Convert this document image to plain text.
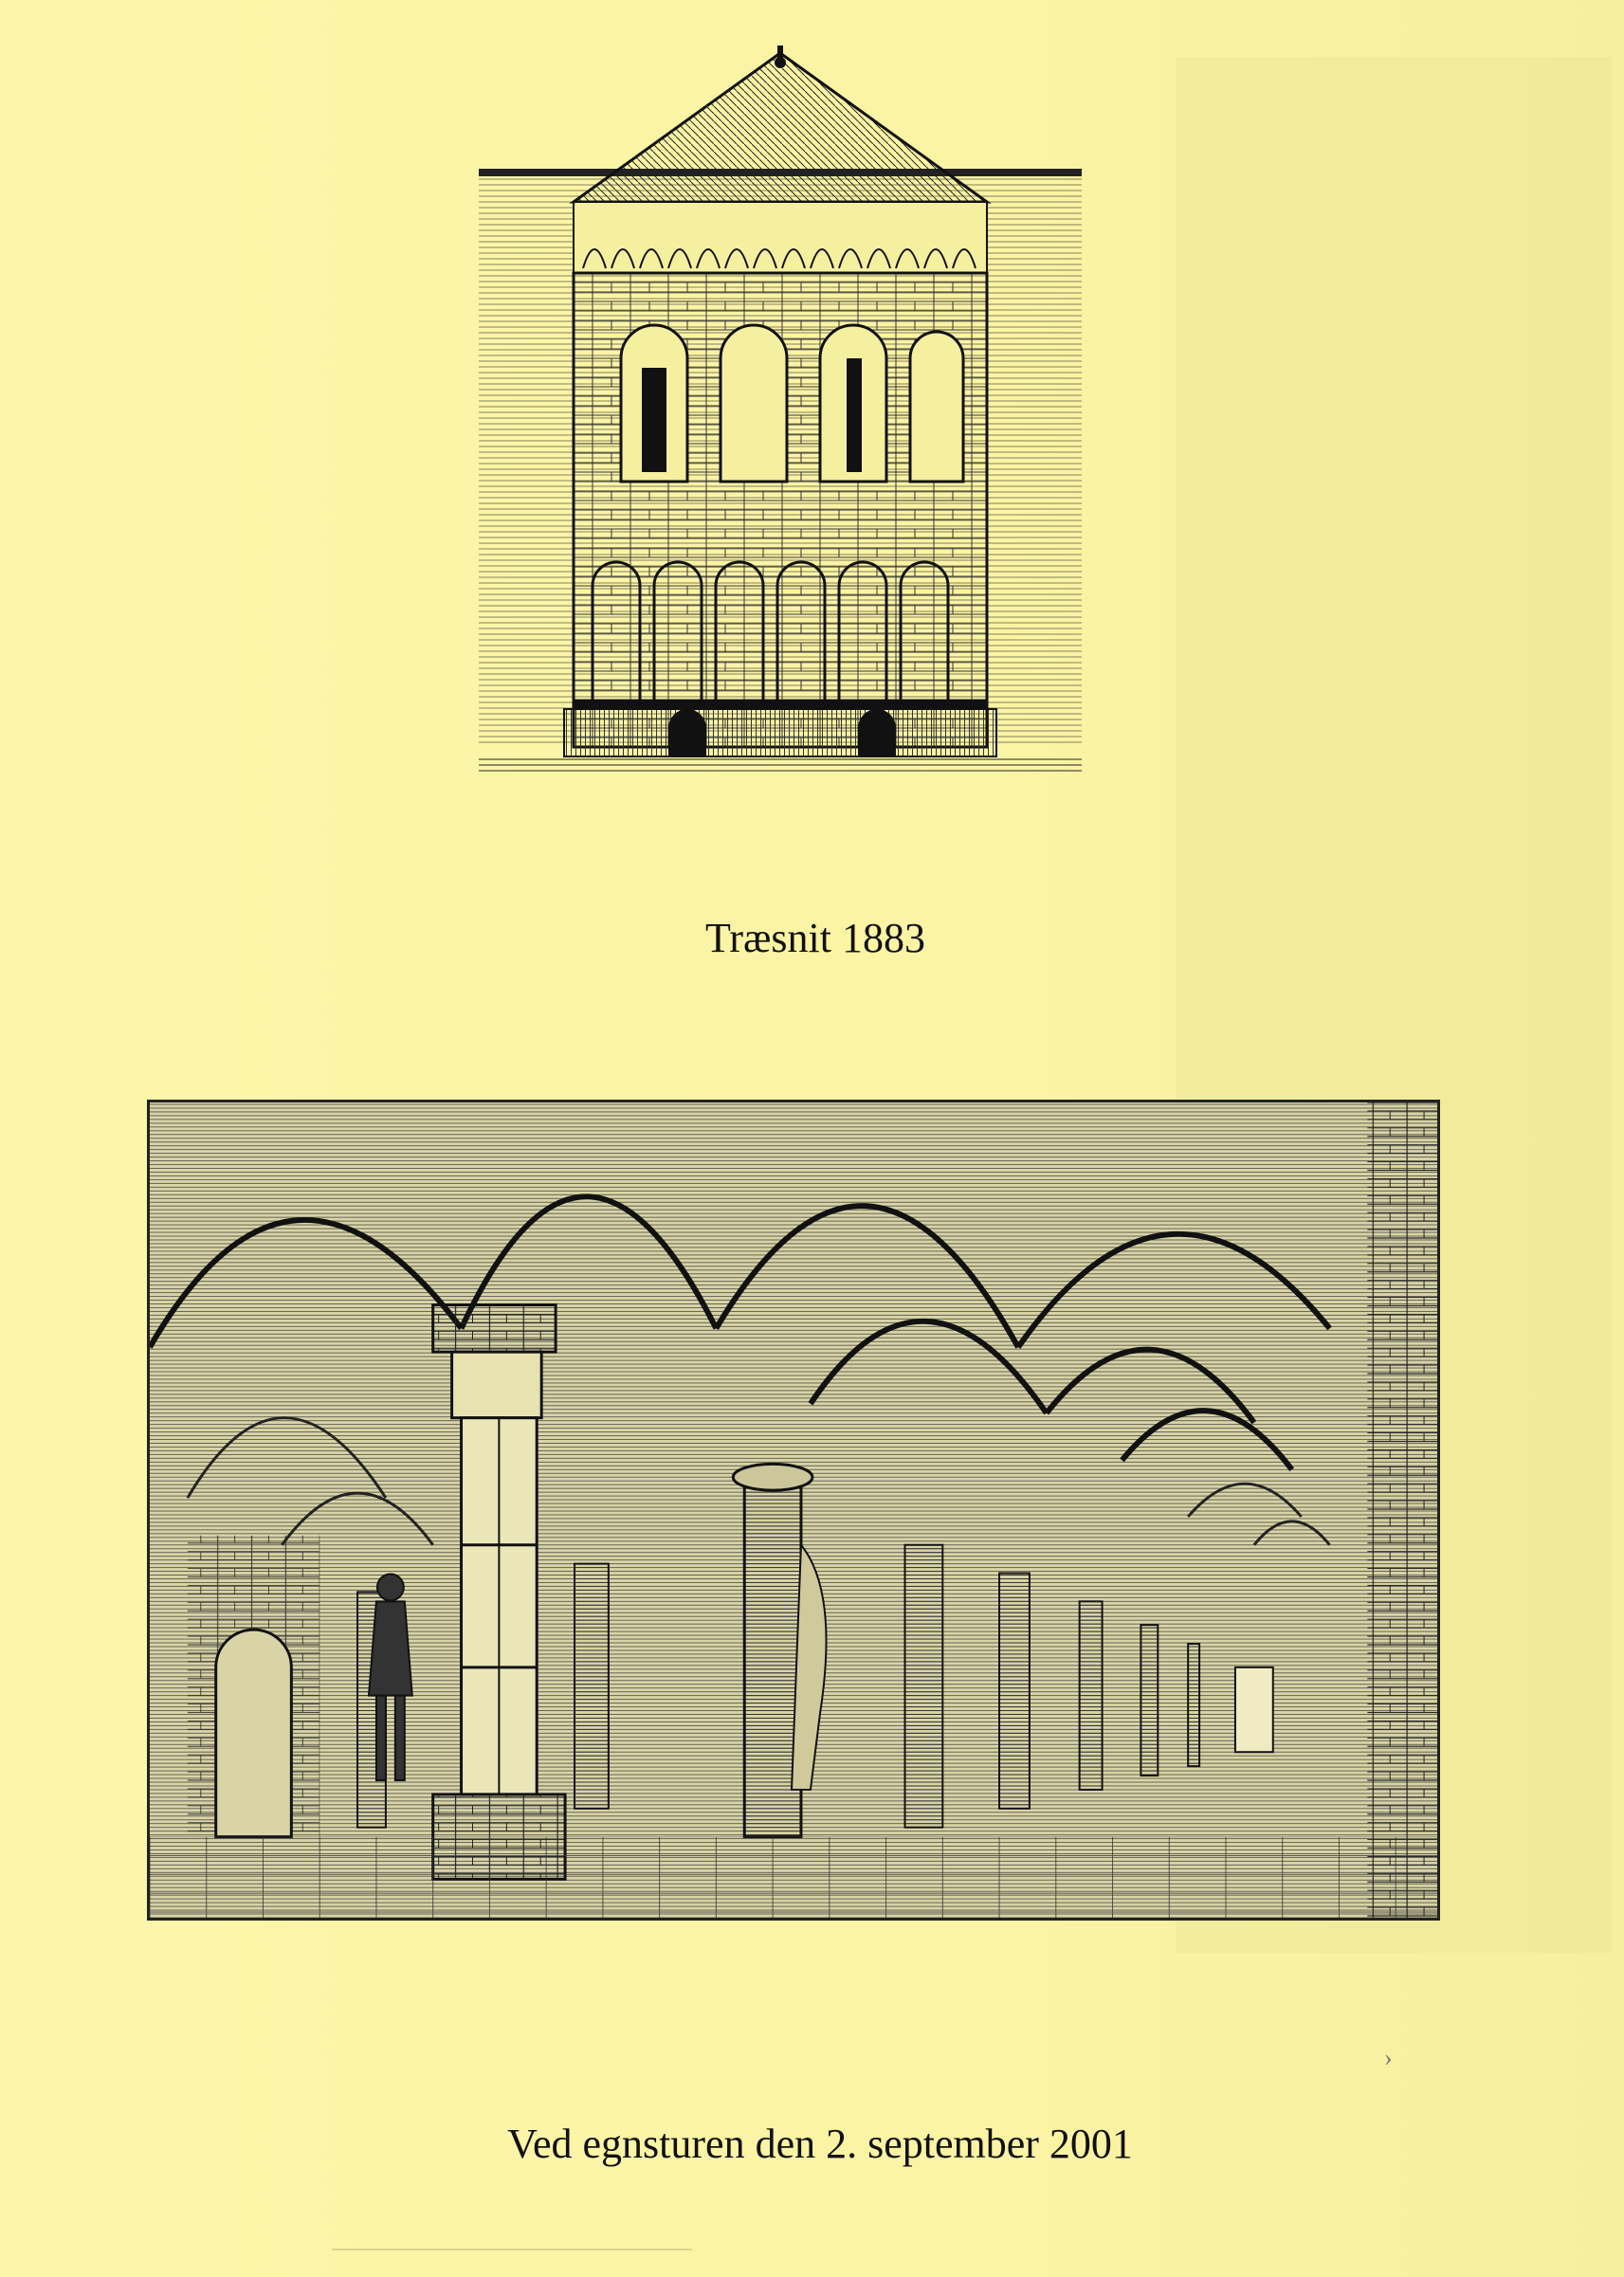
Træsnit 1883
›
Ved egnsturen den 2. september 2001
